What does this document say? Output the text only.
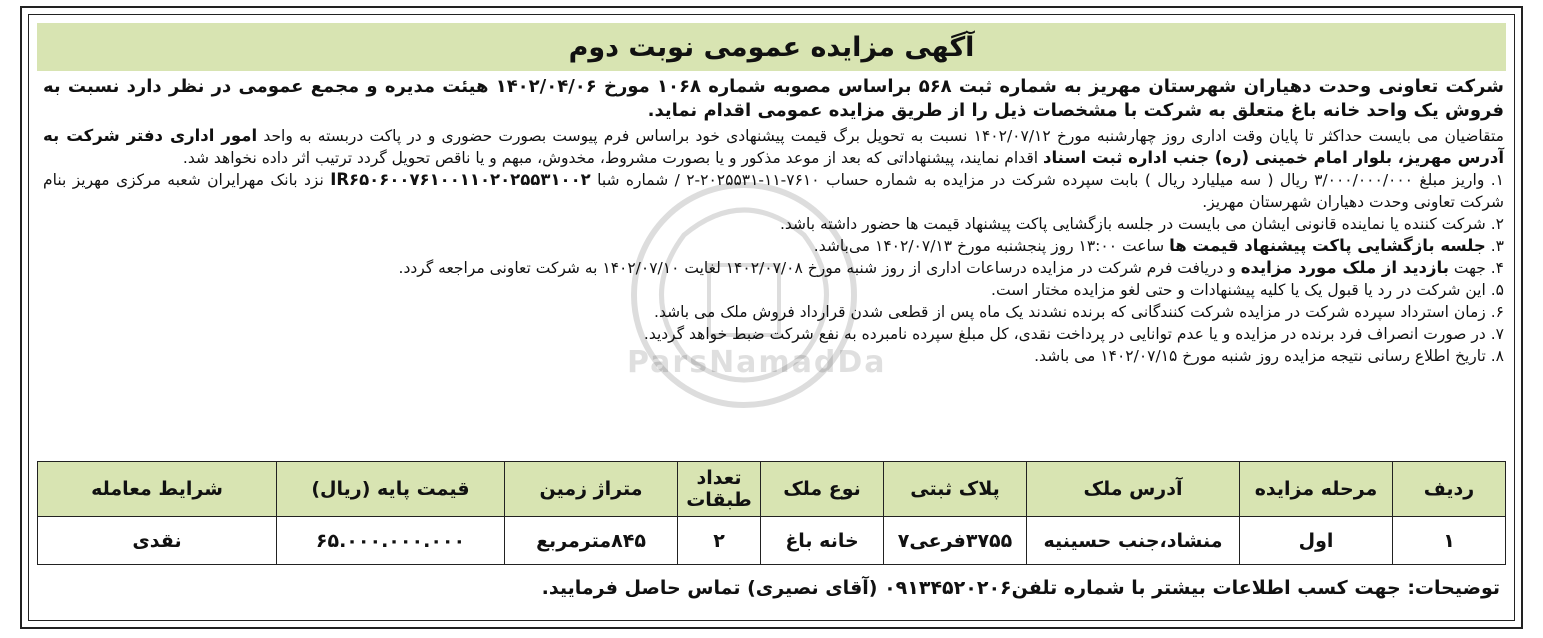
آگهی مزایده عمومی نوبت دوم

شرکت تعاونی وحدت دهیاران شهرستان مهریز به شماره ثبت ۵۶۸ براساس مصوبه شماره ۱۰۶۸ مورخ ۱۴۰۲/۰۴/۰۶ هیئت مدیره و مجمع عمومی در نظر دارد نسبت به فروش یک واحد خانه باغ متعلق به شرکت با مشخصات ذیل را از طریق مزایده عمومی اقدام نماید.

متقاضیان می بایست حداکثر تا پایان وقت اداری روز چهارشنبه مورخ ۱۴۰۲/۰۷/۱۲ نسبت به تحویل برگ قیمت پیشنهادی خود براساس فرم پیوست بصورت حضوری و در پاکت دربسته به واحد امور اداری دفتر شرکت به آدرس مهریز، بلوار امام خمینی (ره) جنب اداره ثبت اسناد اقدام نمایند، پیشنهاداتی که بعد از موعد مذکور و یا بصورت مشروط، مخدوش، مبهم و یا ناقص تحویل گردد ترتیب اثر داده نخواهد شد.

۱. واریز مبلغ ۳/۰۰۰/۰۰۰/۰۰۰ ریال ( سه میلیارد ریال ) بابت سپرده شرکت در مزایده به شماره حساب ۷۶۱۰-۱۱-۲۰۲۵۵۳۱-۲ / شماره شبا IR۶۵۰۶۰۰۷۶۱۰۰۱۱۰۲۰۲۵۵۳۱۰۰۲ نزد بانک مهرایران شعبه مرکزی مهریز بنام شرکت تعاونی وحدت دهیاران شهرستان مهریز.
۲. شرکت کننده یا نماینده قانونی ایشان می بایست در جلسه بازگشایی پاکت پیشنهاد قیمت ها حضور داشته باشد.
۳. جلسه بازگشایی پاکت پیشنهاد قیمت ها ساعت ۱۳:۰۰ روز پنجشنبه مورخ ۱۴۰۲/۰۷/۱۳ می‌باشد.
۴. جهت بازدید از ملک مورد مزایده و دریافت فرم شرکت در مزایده درساعات اداری از روز شنبه مورخ ۱۴۰۲/۰۷/۰۸ لغایت ۱۴۰۲/۰۷/۱۰ به شرکت تعاونی مراجعه گردد.
۵. این شرکت در رد یا قبول یک یا کلیه پیشنهادات و حتی لغو مزایده مختار است.
۶. زمان استرداد سپرده شرکت در مزایده شرکت کنندگانی که برنده نشدند یک ماه پس از قطعی شدن قرارداد فروش ملک می باشد.
۷. در صورت انصراف فرد برنده در مزایده و یا عدم توانایی در پرداخت نقدی، کل مبلغ سپرده نامبرده به نفع شرکت ضبط خواهد گردید.
۸. تاریخ اطلاع رسانی نتیجه مزایده روز شنبه مورخ ۱۴۰۲/۰۷/۱۵ می باشد.
ParsNamadDa
ردیف	مرحله مزایده	آدرس ملک	پلاک ثبتی	نوع ملک	تعداد طبقات	متراژ زمین	قیمت پایه (ریال)	شرایط معامله
۱	اول	منشاد،جنب حسینیه	۳۷۵۵فرعی۷	خانه باغ	۲	۸۴۵مترمربع	۶۵.۰۰۰.۰۰۰.۰۰۰	نقدی
توضیحات: جهت کسب اطلاعات بیشتر با شماره تلفن۰۹۱۳۴۵۲۰۲۰۶ (آقای نصیری) تماس حاصل فرمایید.
